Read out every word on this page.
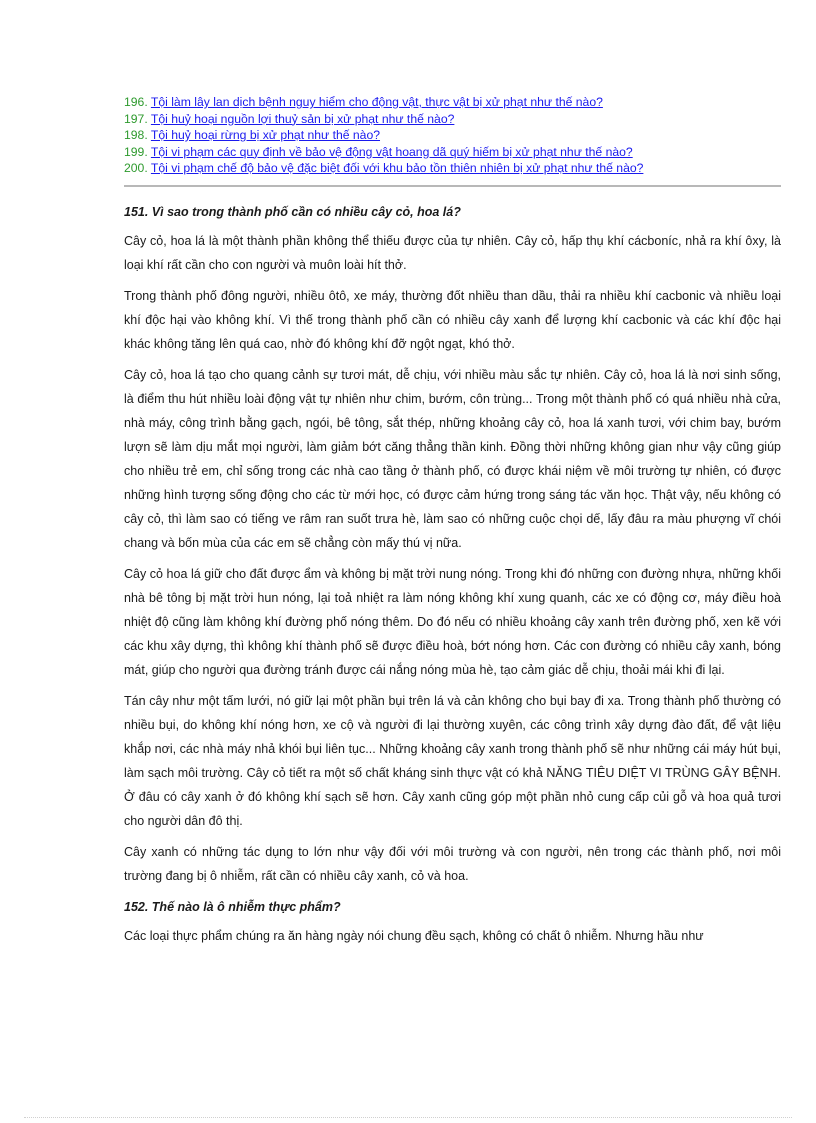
196. Tội làm lây lan dịch bệnh nguy hiểm cho động vật, thực vật bị xử phạt như thế nào?
197. Tội huỷ hoại nguồn lợi thuỷ sản bị xử phạt như thế nào?
198. Tội huỷ hoại rừng bị xử phạt như thế nào?
199. Tội vi phạm các quy định về bảo vệ động vật hoang dã quý hiếm bị xử phạt như thế nào?
200. Tội vi phạm chế độ bảo vệ đặc biệt đối với khu bảo tồn thiên nhiên bị xử phạt như thế nào?

151. Vì sao trong thành phố cần có nhiều cây cỏ, hoa lá?

Cây cỏ, hoa lá là một thành phần không thể thiếu được của tự nhiên. Cây cỏ, hấp thụ khí cácboníc, nhả ra khí ôxy, là loại khí rất cần cho con người và muôn loài hít thở.

Trong thành phố đông người, nhiều ôtô, xe máy, thường đốt nhiều than dầu, thải ra nhiều khí cacbonic và nhiều loại khí độc hại vào không khí. Vì thế trong thành phố cần có nhiều cây xanh để lượng khí cacbonic và các khí độc hại khác không tăng lên quá cao, nhờ đó không khí đỡ ngột ngạt, khó thở.

Cây cỏ, hoa lá tạo cho quang cảnh sự tươi mát, dễ chịu, với nhiều màu sắc tự nhiên. Cây cỏ, hoa lá là nơi sinh sống, là điểm thu hút nhiều loài động vật tự nhiên như chim, bướm, côn trùng... Trong một thành phố có quá nhiều nhà cửa, nhà máy, công trình bằng gạch, ngói, bê tông, sắt thép, những khoảng cây cỏ, hoa lá xanh tươi, với chim bay, bướm lượn sẽ làm dịu mắt mọi người, làm giảm bớt căng thẳng thần kinh. Đồng thời những không gian như vậy cũng giúp cho nhiều trẻ em, chỉ sống trong các nhà cao tầng ở thành phố, có được khái niệm về môi trường tự nhiên, có được những hình tượng sống động cho các từ mới học, có được cảm hứng trong sáng tác văn học. Thật vậy, nếu không có cây cỏ, thì làm sao có tiếng ve râm ran suốt trưa hè, làm sao có những cuộc chọi dế, lấy đâu ra màu phượng vĩ chói chang và bốn mùa của các em sẽ chẳng còn mấy thú vị nữa.

Cây cỏ hoa lá giữ cho đất được ẩm và không bị mặt trời nung nóng. Trong khi đó những con đường nhựa, những khối nhà bê tông bị mặt trời hun nóng, lại toả nhiệt ra làm nóng không khí xung quanh, các xe có động cơ, máy điều hoà nhiệt độ cũng làm không khí đường phố nóng thêm. Do đó nếu có nhiều khoảng cây xanh trên đường phố, xen kẽ với các khu xây dựng, thì không khí thành phố sẽ được điều hoà, bớt nóng hơn. Các con đường có nhiều cây xanh, bóng mát, giúp cho người qua đường tránh được cái nắng nóng mùa hè, tạo cảm giác dễ chịu, thoải mái khi đi lại.

Tán cây như một tấm lưới, nó giữ lại một phần bụi trên lá và cản không cho bụi bay đi xa. Trong thành phố thường có nhiều bụi, do không khí nóng hơn, xe cộ và người đi lại thường xuyên, các công trình xây dựng đào đất, để vật liệu khắp nơi, các nhà máy nhả khói bụi liên tục... Những khoảng cây xanh trong thành phố sẽ như những cái máy hút bụi, làm sạch môi trường. Cây cỏ tiết ra một số chất kháng sinh thực vật có khả NĂNG TIÊU DIỆT VI TRÙNG GÂY BỆNH. Ở đâu có cây xanh ở đó không khí sạch sẽ hơn. Cây xanh cũng góp một phần nhỏ cung cấp củi gỗ và hoa quả tươi cho người dân đô thị.

Cây xanh có những tác dụng to lớn như vậy đối với môi trường và con người, nên trong các thành phố, nơi môi trường đang bị ô nhiễm, rất cần có nhiều cây xanh, cỏ và hoa.

152. Thế nào là ô nhiễm thực phẩm?

Các loại thực phẩm chúng ra ăn hàng ngày nói chung đều sạch, không có chất ô nhiễm. Nhưng hầu như
